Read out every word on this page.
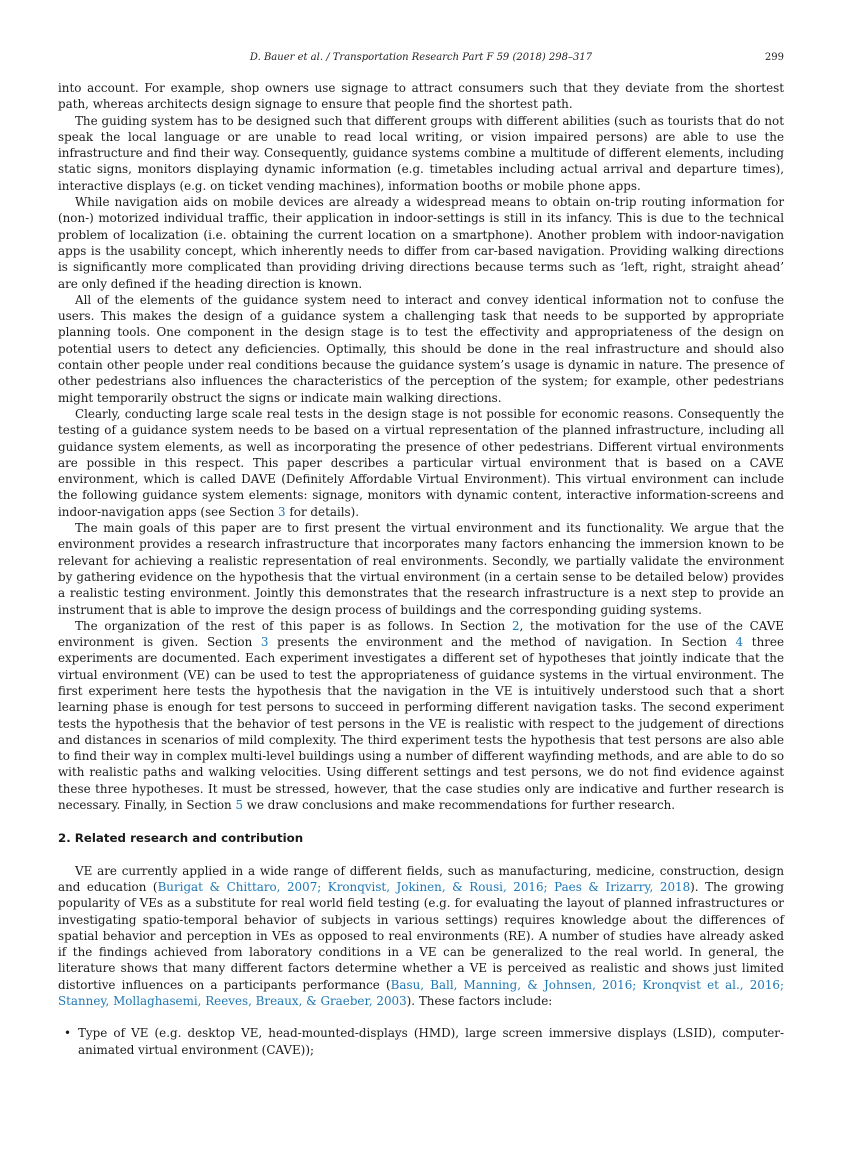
D. Bauer et al. / Transportation Research Part F 59 (2018) 298–317	299

into account. For example, shop owners use signage to attract consumers such that they deviate from the shortest path, whereas architects design signage to ensure that people find the shortest path.

The guiding system has to be designed such that different groups with different abilities (such as tourists that do not speak the local language or are unable to read local writing, or vision impaired persons) are able to use the infrastructure and find their way. Consequently, guidance systems combine a multitude of different elements, including static signs, monitors displaying dynamic information (e.g. timetables including actual arrival and departure times), interactive displays (e.g. on ticket vending machines), information booths or mobile phone apps.

While navigation aids on mobile devices are already a widespread means to obtain on-trip routing information for (non-) motorized individual traffic, their application in indoor-settings is still in its infancy. This is due to the technical problem of localization (i.e. obtaining the current location on a smartphone). Another problem with indoor-navigation apps is the usability concept, which inherently needs to differ from car-based navigation. Providing walking directions is significantly more complicated than providing driving directions because terms such as ‘left, right, straight ahead’ are only defined if the heading direction is known.

All of the elements of the guidance system need to interact and convey identical information not to confuse the users. This makes the design of a guidance system a challenging task that needs to be supported by appropriate planning tools. One component in the design stage is to test the effectivity and appropriateness of the design on potential users to detect any deficiencies. Optimally, this should be done in the real infrastructure and should also contain other people under real conditions because the guidance system’s usage is dynamic in nature. The presence of other pedestrians also influences the characteristics of the perception of the system; for example, other pedestrians might temporarily obstruct the signs or indicate main walking directions.

Clearly, conducting large scale real tests in the design stage is not possible for economic reasons. Consequently the testing of a guidance system needs to be based on a virtual representation of the planned infrastructure, including all guidance system elements, as well as incorporating the presence of other pedestrians. Different virtual environments are possible in this respect. This paper describes a particular virtual environment that is based on a CAVE environment, which is called DAVE (Definitely Affordable Virtual Environment). This virtual environment can include the following guidance system elements: signage, monitors with dynamic content, interactive information-screens and indoor-navigation apps (see Section 3 for details).

The main goals of this paper are to first present the virtual environment and its functionality. We argue that the environment provides a research infrastructure that incorporates many factors enhancing the immersion known to be relevant for achieving a realistic representation of real environments. Secondly, we partially validate the environment by gathering evidence on the hypothesis that the virtual environment (in a certain sense to be detailed below) provides a realistic testing environment. Jointly this demonstrates that the research infrastructure is a next step to provide an instrument that is able to improve the design process of buildings and the corresponding guiding systems.

The organization of the rest of this paper is as follows. In Section 2, the motivation for the use of the CAVE environment is given. Section 3 presents the environment and the method of navigation. In Section 4 three experiments are documented. Each experiment investigates a different set of hypotheses that jointly indicate that the virtual environment (VE) can be used to test the appropriateness of guidance systems in the virtual environment. The first experiment here tests the hypothesis that the navigation in the VE is intuitively understood such that a short learning phase is enough for test persons to succeed in performing different navigation tasks. The second experiment tests the hypothesis that the behavior of test persons in the VE is realistic with respect to the judgement of directions and distances in scenarios of mild complexity. The third experiment tests the hypothesis that test persons are also able to find their way in complex multi-level buildings using a number of different wayfinding methods, and are able to do so with realistic paths and walking velocities. Using different settings and test persons, we do not find evidence against these three hypotheses. It must be stressed, however, that the case studies only are indicative and further research is necessary. Finally, in Section 5 we draw conclusions and make recommendations for further research.

2. Related research and contribution

VE are currently applied in a wide range of different fields, such as manufacturing, medicine, construction, design and education (Burigat & Chittaro, 2007; Kronqvist, Jokinen, & Rousi, 2016; Paes & Irizarry, 2018). The growing popularity of VEs as a substitute for real world field testing (e.g. for evaluating the layout of planned infrastructures or investigating spatio-temporal behavior of subjects in various settings) requires knowledge about the differences of spatial behavior and perception in VEs as opposed to real environments (RE). A number of studies have already asked if the findings achieved from laboratory conditions in a VE can be generalized to the real world. In general, the literature shows that many different factors determine whether a VE is perceived as realistic and shows just limited distortive influences on a participants performance (Basu, Ball, Manning, & Johnsen, 2016; Kronqvist et al., 2016; Stanney, Mollaghasemi, Reeves, Breaux, & Graeber, 2003). These factors include:

• Type of VE (e.g. desktop VE, head-mounted-displays (HMD), large screen immersive displays (LSID), computer-animated virtual environment (CAVE));
